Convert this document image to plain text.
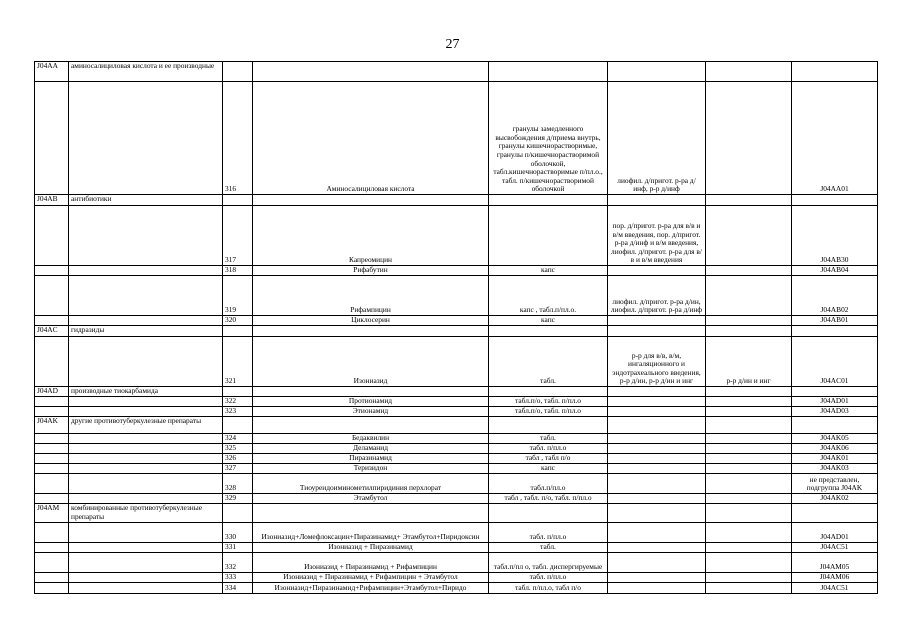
27
J04AA	аминосалициловая кислота и ее производные						
		316	Аминосалициловая кислота	гранулы замедленного высвобождения д/приема внутрь, гранулы кишечнорастворимые, гранулы п/кишечнорастворимой оболочкой, табл.кишечнорастворимые п/пл.о., табл. п/кишечнорастворимой оболочкой	лиофил. д/пригот. р-ра д/инф, р-р д/инф		J04AA01
J04AB	антибиотики						
		317	Капреомицин		пор. д/пригот. р-ра для в/в и в/м введения, пор. д/пригот. р-ра д/инф и в/м введения, лиофил. д/пригот. р-ра для в/в и в/м введения		J04AB30
		318	Рифабутин	капс			J04AB04
		319	Рифампицин	капс , табл.п/пл.о.	лиофил. д/пригот. р-ра д/ин, лиофил. д/пригот. р-ра д/инф		J04AB02
		320	Циклосерин	капс			J04AB01
J04AC	гидразиды						
		321	Изониазид	табл.	р-р для в/в, в/м, ингаляционного и эндотрахеального введения, р-р д/ин, р-р д/ин и инг	р-р д/ин и инг	J04AC01
J04AD	производные тиокарбамида						
		322	Протионамид	табл.п/о, табл. п/пл.о			J04AD01
		323	Этионамид	табл.п/о, табл. п/пл.о			J04AD03
J04AK	другие противотуберкулезные препараты						
		324	Бедаквилин	табл.			J04AK05
		325	Деламанид	табл. п/пл.о			J04AK06
		326	Пиразинамид	табл , табл п/о			J04AK01
		327	Теризидон	капс			J04AK03
		328	Тиоуреидоиминометилпиридиния перхлорат	табл.п/пл.о			не представлен, подгруппа J04AK
		329	Этамбутол	табл , табл. п/о, табл. п/пл.о			J04AK02
J04AM	комбинированные противотуберкулезные препараты						
		330	Изониазид+Ломефлоксацин+Пиразинамид+ Этамбутол+Пиридоксин	табл. п/пл.о			J04AD01
		331	Изониазид + Пиразинамид	табл.			J04AC51
		332	Изониазид + Пиразинамид + Рифампицин	табл.п/пл о, табл. диспергируемые			J04AM05
		333	Изониазид + Пиразинамид + Рифампицин + Этамбутол	табл. п/пл.о			J04AM06
		334	Изониазид+Пиразинамид+Рифампицин+Этамбутол+Пиридо	табл. п/пл.о, табл п/о			J04AC51
